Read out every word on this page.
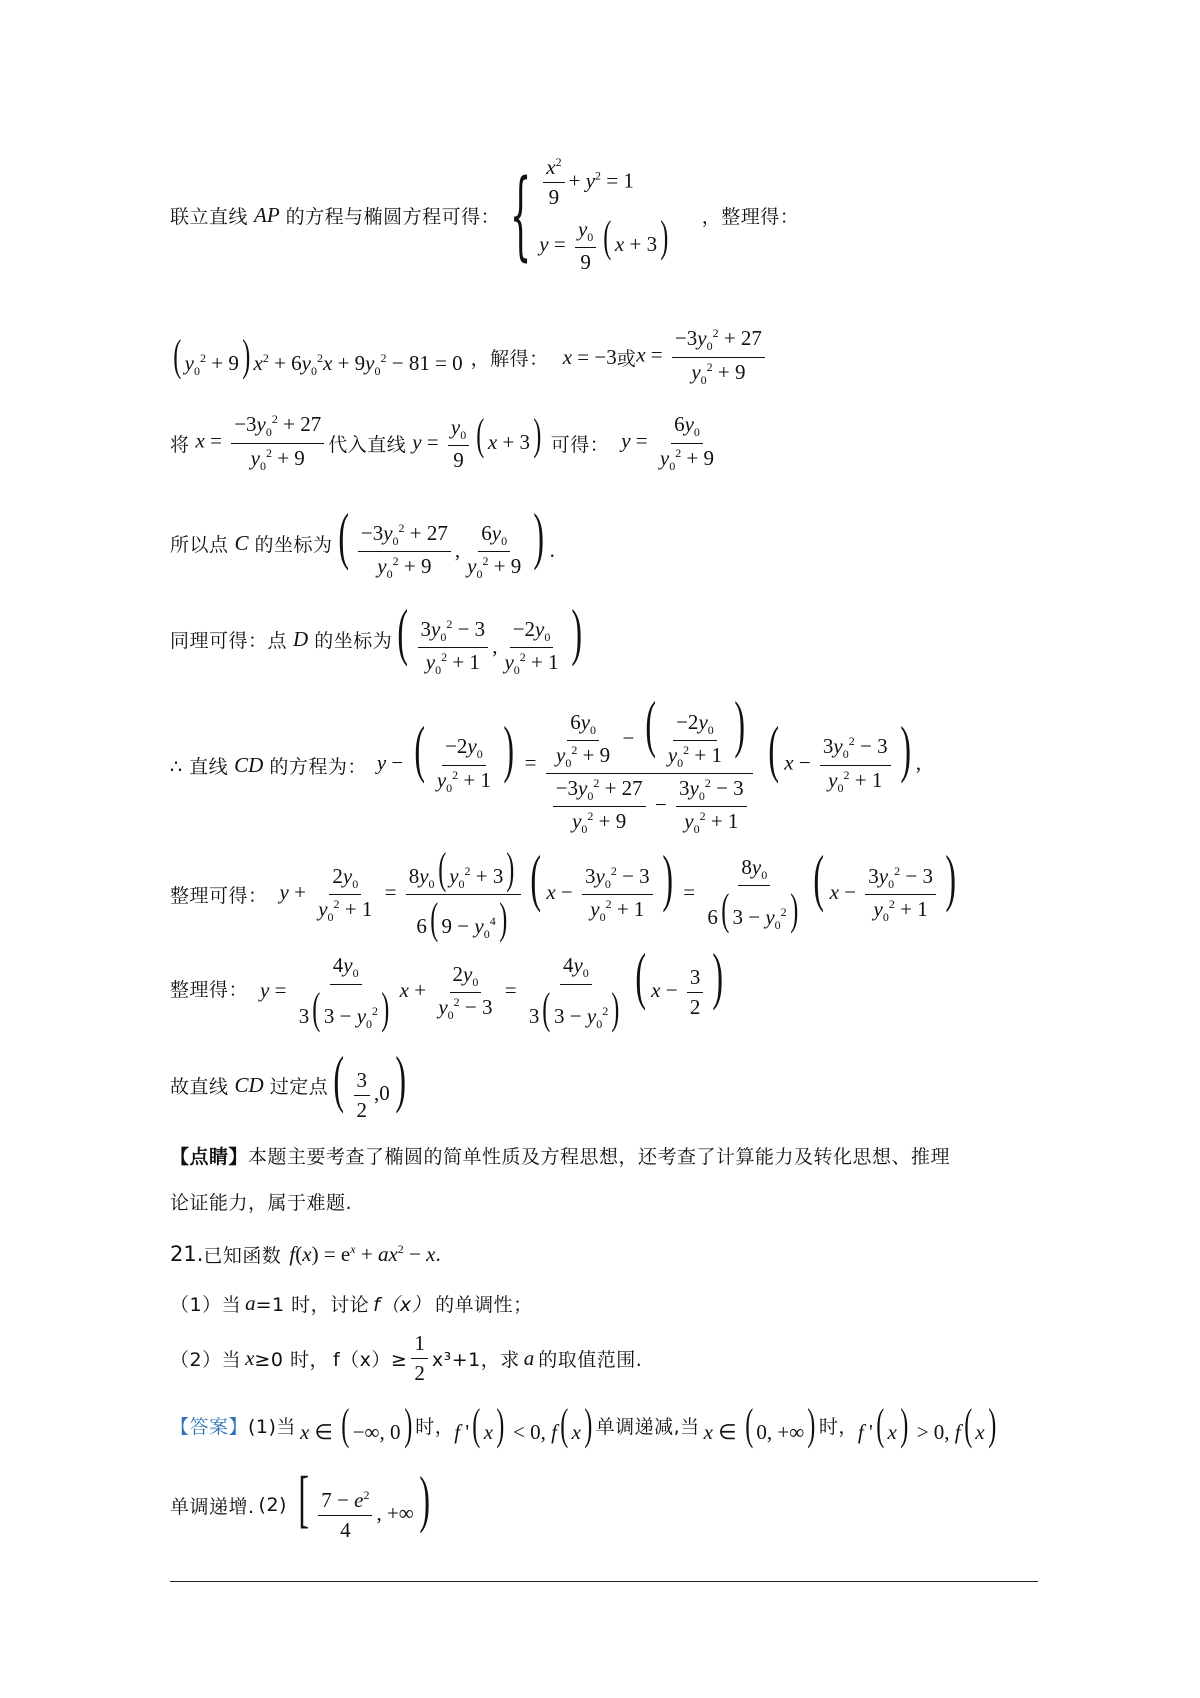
联立直线 AP 的方程与椭圆方程可得： { $\frac{x^2}{9} + y^2 = 1$
$y = \frac{y_0}{9}$ ( x + 3) ，整理得：
( $y_0^2 + 9$) $x^2 + 6y_0^2x + 9y_0^2 - 81 = 0$ ，解得： x = −3 或 $x = \frac{-3y_0^2 + 27}{y_0^2 + 9}$
将 $x = \frac{-3y_0^2 + 27}{y_0^2 + 9}$ 代入直线 $y = \frac{y_0}{9}$ ( x + 3) 可得： $y = \frac{6y_0}{y_0^2 + 9}$
所以点 C 的坐标为 ( $\frac{-3y_0^2 + 27}{y_0^2 + 9}$ , $\frac{6y_0}{y_0^2 + 9}$ ) .
同理可得：点 D 的坐标为 ( $\frac{3y_0^2 - 3}{y_0^2 + 1}$ , $\frac{-2y_0}{y_0^2 + 1}$ )
∴ 直线 CD 的方程为： y − ( $\frac{-2y_0}{y_0^2 + 1}$ ) = $\frac{\frac{6y_0}{y_0^2 + 9} - ( \frac{-2y_0}{y_0^2 + 1} )}{\frac{-3y_0^2 + 27}{y_0^2 + 9} - \frac{3y_0^2 - 3}{y_0^2 + 1}}$ ( $x - \frac{3y_0^2 - 3}{y_0^2 + 1}$ ) ,
整理可得： $y + \frac{2y_0}{y_0^2 + 1} = \frac{8y_0( y_0^2 + 3)}{6( 9 - y_0^4)}$ ( $x - \frac{3y_0^2 - 3}{y_0^2 + 1}$ ) = $\frac{8y_0}{6( 3 - y_0^2)}$ ( $x - \frac{3y_0^2 - 3}{y_0^2 + 1}$ )
整理得： $y = \frac{4y_0}{3( 3 - y_0^2)}$ $x + \frac{2y_0}{y_0^2 - 3} = \frac{4y_0}{3( 3 - y_0^2)}$ ( $x - \frac{3}{2}$ )
故直线 CD 过定点 ( $\frac{3}{2} ,0$)
【点睛】 本题主要考查了椭圆的简单性质及方程思想，还考查了计算能力及转化思想、推理
论证能力，属于难题.
21. 已知函数 $f(x) = e^x + ax^2 - x$.
（1）当 a =1 时，讨论 f（x） 的单调性；
（2）当 x ≥0 时， $f(x)\ge \frac{1}{2} x^3+1$，求 a 的取值范围.
【答案】 (1)当 x ∈ ( −∞, 0) 时， f '( x) < 0, f( x) 单调递减,当 x ∈ ( 0, +∞) 时， f '( x) > 0, f( x)
单调递增. (2) [ $\frac{7 - e^2}{4}$ , +∞)
